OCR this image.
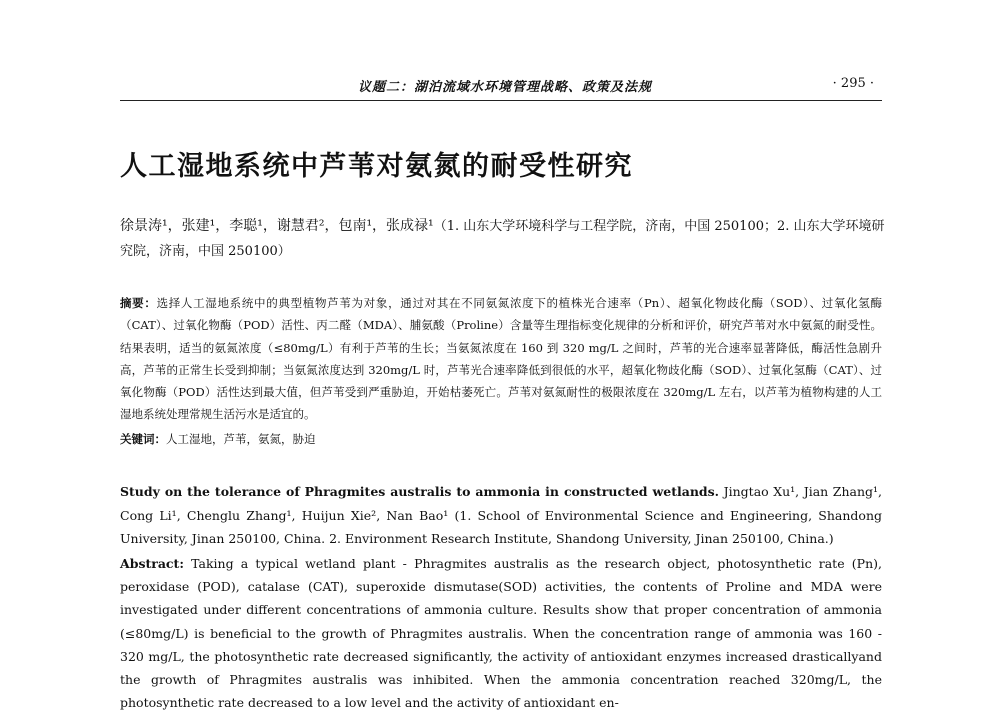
议题二：湖泊流域水环境管理战略、政策及法规	· 295 ·
人工湿地系统中芦苇对氨氮的耐受性研究
徐景涛¹，张建¹，李聪¹，谢慧君²，包南¹，张成禄¹（1. 山东大学环境科学与工程学院，济南，中国 250100；2. 山东大学环境研究院，济南，中国 250100）
摘要：选择人工湿地系统中的典型植物芦苇为对象，通过对其在不同氨氮浓度下的植株光合速率（Pn）、超氧化物歧化酶（SOD）、过氧化氢酶（CAT）、过氧化物酶（POD）活性、丙二醛（MDA）、脯氨酸（Proline）含量等生理指标变化规律的分析和评价，研究芦苇对水中氨氮的耐受性。结果表明，适当的氨氮浓度（≤80mg/L）有利于芦苇的生长；当氨氮浓度在 160 到 320 mg/L 之间时，芦苇的光合速率显著降低，酶活性急剧升高，芦苇的正常生长受到抑制；当氨氮浓度达到 320mg/L 时，芦苇光合速率降低到很低的水平，超氧化物歧化酶（SOD）、过氧化氢酶（CAT）、过氧化物酶（POD）活性达到最大值，但芦苇受到严重胁迫，开始枯萎死亡。芦苇对氨氮耐性的极限浓度在 320mg/L 左右，以芦苇为植物构建的人工湿地系统处理常规生活污水是适宜的。
关键词：人工湿地，芦苇，氨氮，胁迫
Study on the tolerance of Phragmites australis to ammonia in constructed wetlands. Jingtao Xu¹, Jian Zhang¹, Cong Li¹, Chenglu Zhang¹, Huijun Xie², Nan Bao¹ (1. School of Environmental Science and Engineering, Shandong University, Jinan 250100, China. 2. Environment Research Institute, Shandong University, Jinan 250100, China.)
Abstract: Taking a typical wetland plant - Phragmites australis as the research object, photosynthetic rate (Pn), peroxidase (POD), catalase (CAT), superoxide dismutase(SOD) activities, the contents of Proline and MDA were investigated under different concentrations of ammonia culture. Results show that proper concentration of ammonia (≤80mg/L) is beneficial to the growth of Phragmites australis. When the concentration range of ammonia was 160 - 320 mg/L, the photosynthetic rate decreased significantly, the activity of antioxidant enzymes increased drasticallyand the growth of Phragmites australis was inhibited. When the ammonia concentration reached 320mg/L, the photosynthetic rate decreased to a low level and the activity of antioxidant en-
